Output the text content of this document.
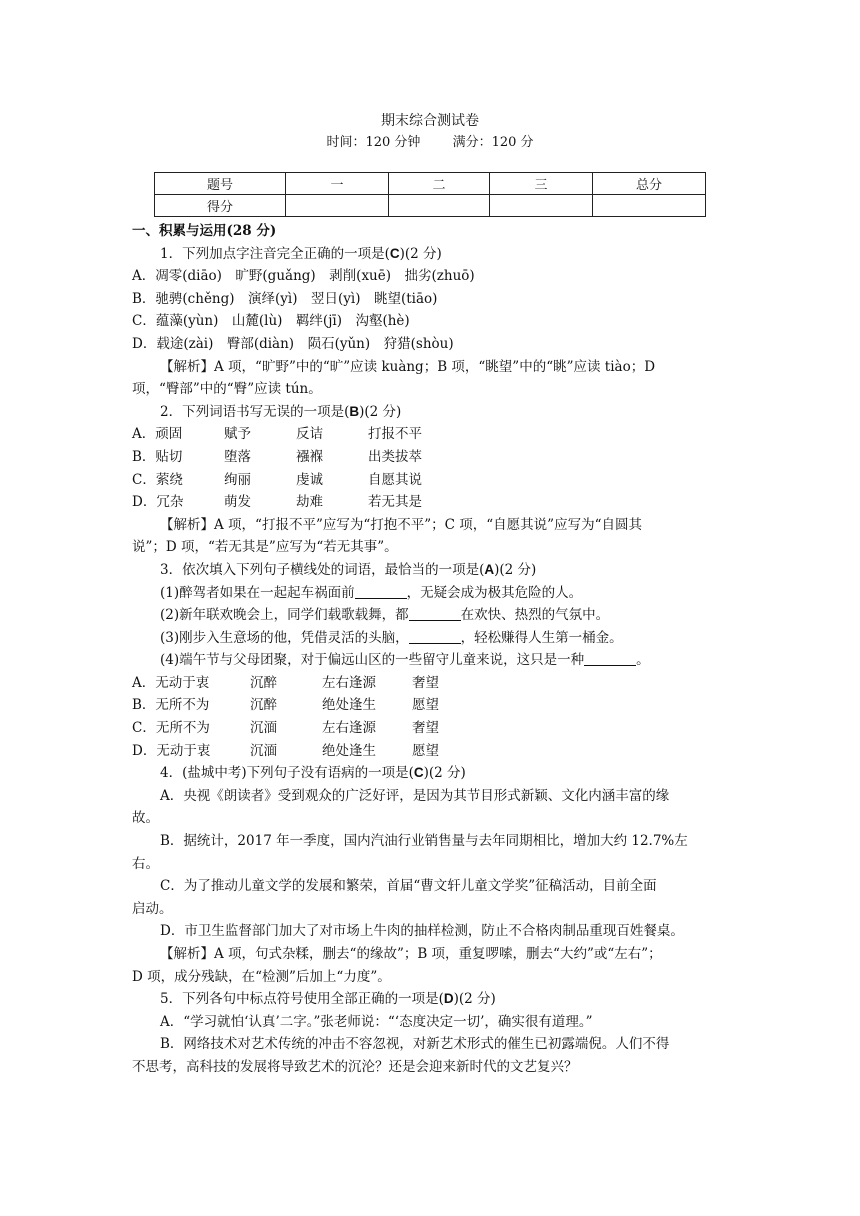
期末综合测试卷
时间：120 分钟 满分：120 分
题号	一	二	三	总分
得分				
一、积累与运用(28 分)
1．下列加点字注音完全正确的一项是(C)(2 分)
A．凋零(diāo)　旷野(guǎng)　剥削(xuē)　拙劣(zhuō)
B．驰骋(chěng)　演绎(yì)　翌日(yì)　眺望(tiāo)
C．蕴藻(yùn)　山麓(lù)　羁绊(jī)　沟壑(hè)
D．载途(zài)　臀部(diàn)　陨石(yǔn)　狩猎(shòu)
【解析】A 项，“旷野”中的“旷”应读 kuàng；B 项，“眺望”中的“眺”应读 tiào；D
项，“臀部”中的“臀”应读 tún。
2．下列词语书写无误的一项是(B)(2 分)
A．顽固	赋予	反诘	打报不平
B．贴切	堕落	襁褓	出类拔萃
C．萦绕	绚丽	虔诚	自愿其说
D．冗杂	萌发	劫难	若无其是
【解析】A 项，“打报不平”应写为“打抱不平”；C 项，“自愿其说”应写为“自圆其
说”；D 项，“若无其是”应写为“若无其事”。
3．依次填入下列句子横线处的词语，最恰当的一项是(A)(2 分)
(1)醉驾者如果在一起起车祸面前	，无疑会成为极其危险的人。
(2)新年联欢晚会上，同学们载歌载舞，都	在欢快、热烈的气氛中。
(3)刚步入生意场的他，凭借灵活的头脑，	，轻松赚得人生第一桶金。
(4)端午节与父母团聚，对于偏远山区的一些留守儿童来说，这只是一种	。
A．无动于衷	沉醉	左右逢源	奢望
B．无所不为	沉醉	绝处逢生	愿望
C．无所不为	沉湎	左右逢源	奢望
D．无动于衷	沉湎	绝处逢生	愿望
4．(盐城中考)下列句子没有语病的一项是(C)(2 分)
A．央视《朗读者》受到观众的广泛好评，是因为其节目形式新颖、文化内涵丰富的缘
故。
B．据统计，2017 年一季度，国内汽油行业销售量与去年同期相比，增加大约 12.7%左
右。
C．为了推动儿童文学的发展和繁荣，首届“曹文轩儿童文学奖”征稿活动，目前全面
启动。
D．市卫生监督部门加大了对市场上牛肉的抽样检测，防止不合格肉制品重现百姓餐桌。
【解析】A 项，句式杂糅，删去“的缘故”；B 项，重复啰嗦，删去“大约”或“左右”；
D 项，成分残缺，在“检测”后加上“力度”。
5．下列各句中标点符号使用全部正确的一项是(D)(2 分)
A．“学习就怕‘认真’二字。”张老师说：“‘态度决定一切’，确实很有道理。”
B．网络技术对艺术传统的冲击不容忽视，对新艺术形式的催生已初露端倪。人们不得
不思考，高科技的发展将导致艺术的沉沦？还是会迎来新时代的文艺复兴？
